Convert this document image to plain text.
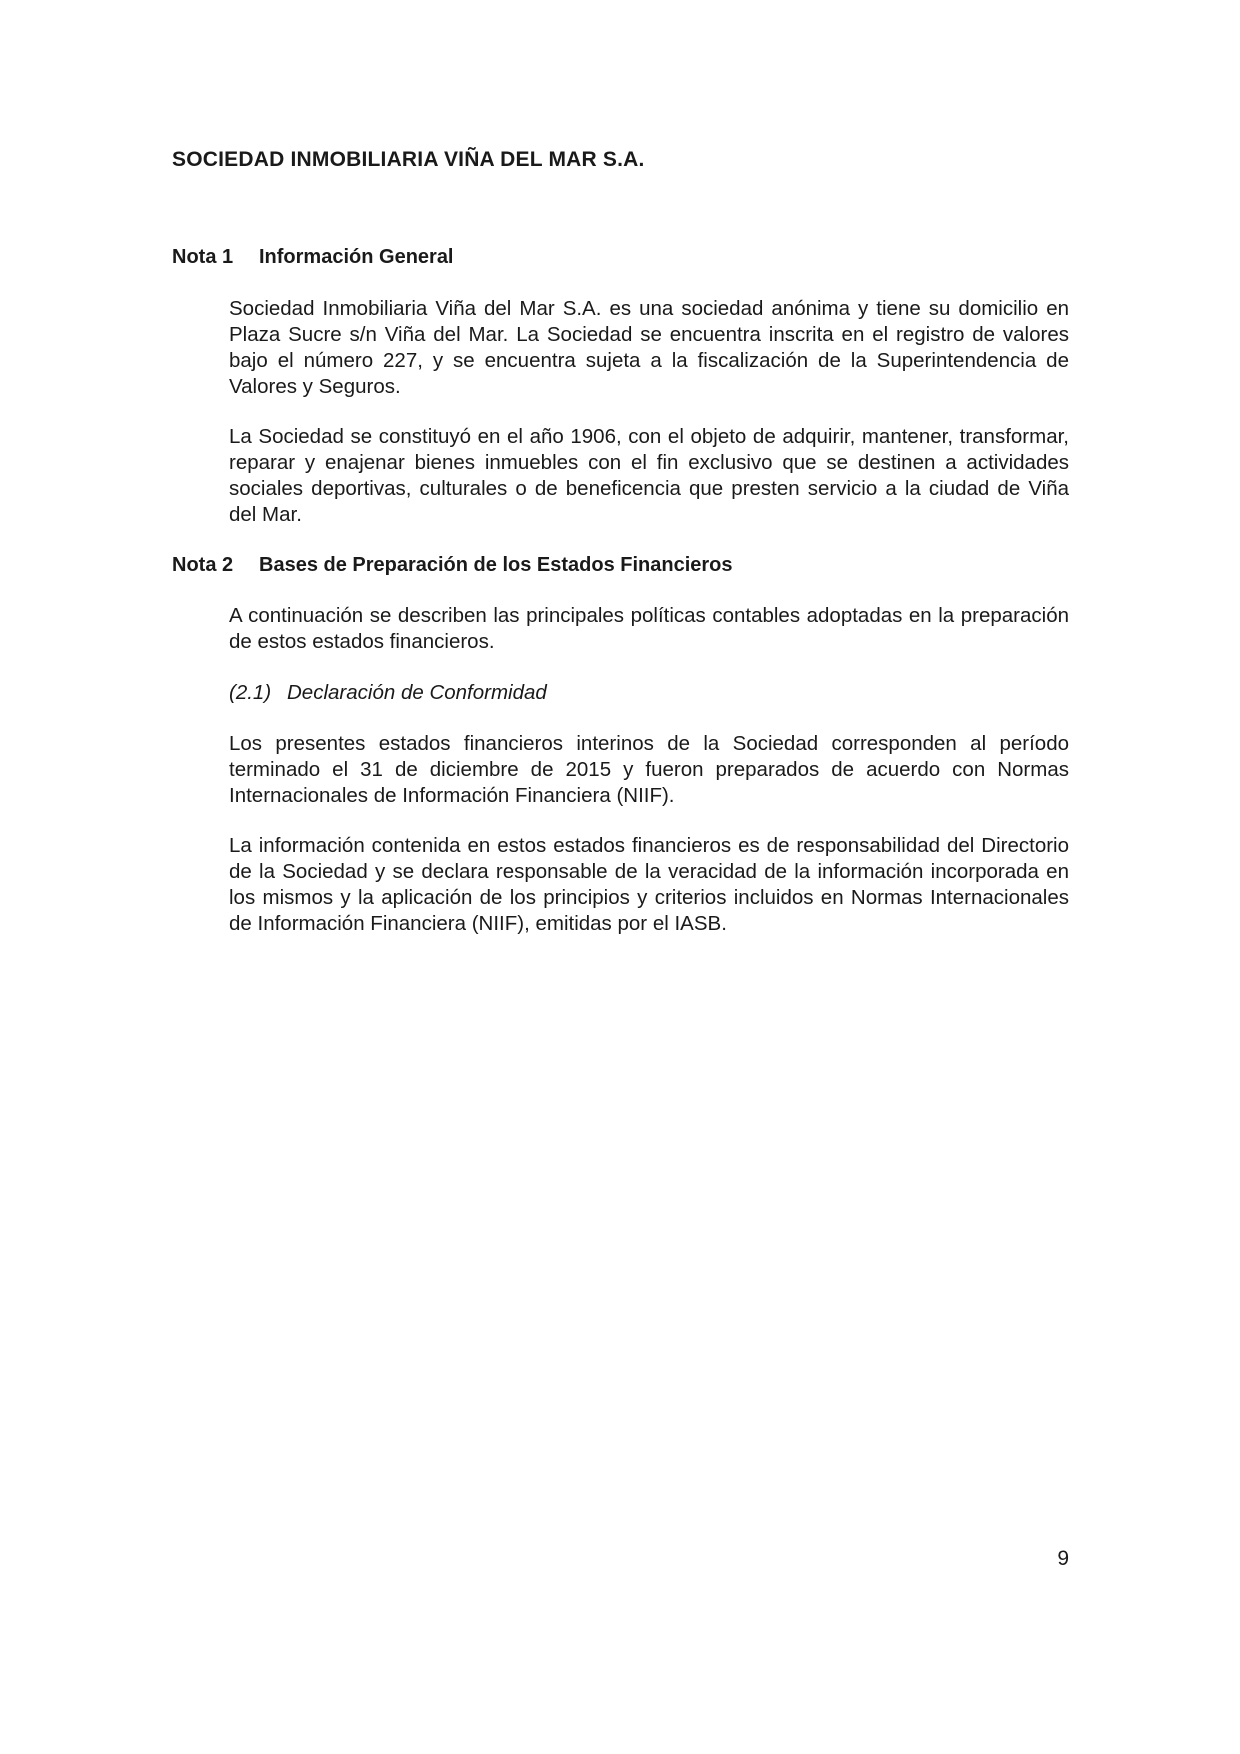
SOCIEDAD INMOBILIARIA VIÑA DEL MAR S.A.
Nota 1 Información General

Sociedad Inmobiliaria Viña del Mar S.A. es una sociedad anónima y tiene su domicilio en Plaza Sucre s/n Viña del Mar. La Sociedad se encuentra inscrita en el registro de valores bajo el número 227, y se encuentra sujeta a la fiscalización de la Superintendencia de Valores y Seguros.

La Sociedad se constituyó en el año 1906, con el objeto de adquirir, mantener, transformar, reparar y enajenar bienes inmuebles con el fin exclusivo que se destinen a actividades sociales deportivas, culturales o de beneficencia que presten servicio a la ciudad de Viña del Mar.

Nota 2 Bases de Preparación de los Estados Financieros

A continuación se describen las principales políticas contables adoptadas en la preparación de estos estados financieros.

(2.1) Declaración de Conformidad

Los presentes estados financieros interinos de la Sociedad corresponden al período terminado el 31 de diciembre de 2015 y fueron preparados de acuerdo con Normas Internacionales de Información Financiera (NIIF).

La información contenida en estos estados financieros es de responsabilidad del Directorio de la Sociedad y se declara responsable de la veracidad de la información incorporada en los mismos y la aplicación de los principios y criterios incluidos en Normas Internacionales de Información Financiera (NIIF), emitidas por el IASB.

9
